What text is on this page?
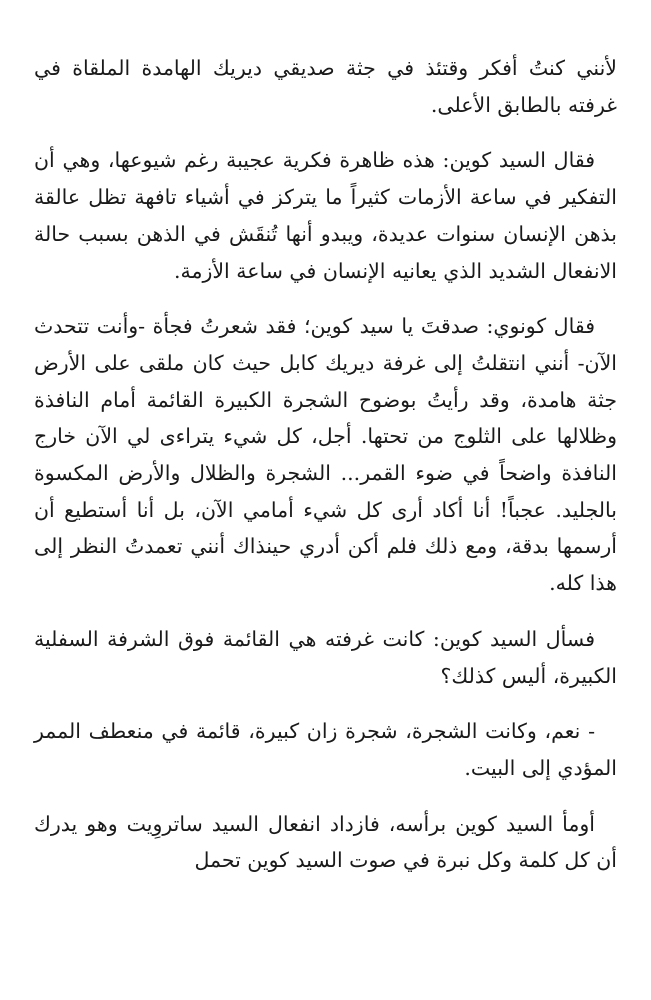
لأنني كنتُ أفكر وقتئذ في جثة صديقي ديريك الهامدة الملقاة في غرفته بالطابق الأعلى.

فقال السيد كوين: هذه ظاهرة فكرية عجيبة رغم شيوعها، وهي أن التفكير في ساعة الأزمات كثيراً ما يتركز في أشياء تافهة تظل عالقة بذهن الإنسان سنوات عديدة، ويبدو أنها تُنقَش في الذهن بسبب حالة الانفعال الشديد الذي يعانيه الإنسان في ساعة الأزمة.

فقال كونوي: صدقتَ يا سيد كوين؛ فقد شعرتُ فجأة -وأنت تتحدث الآن- أنني انتقلتُ إلى غرفة ديريك كابل حيث كان ملقى على الأرض جثة هامدة، وقد رأيتُ بوضوح الشجرة الكبيرة القائمة أمام النافذة وظلالها على الثلوج من تحتها. أجل، كل شيء يتراءى لي الآن خارج النافذة واضحاً في ضوء القمر... الشجرة والظلال والأرض المكسوة بالجليد. عجباً! أنا أكاد أرى كل شيء أمامي الآن، بل أنا أستطيع أن أرسمها بدقة، ومع ذلك فلم أكن أدري حينذاك أنني تعمدتُ النظر إلى هذا كله.

فسأل السيد كوين: كانت غرفته هي القائمة فوق الشرفة السفلية الكبيرة، أليس كذلك؟

- نعم، وكانت الشجرة، شجرة زان كبيرة، قائمة في منعطف الممر المؤدي إلى البيت.

أومأ السيد كوين برأسه، فازداد انفعال السيد ساتروِيت وهو يدرك أن كل كلمة وكل نبرة في صوت السيد كوين تحمل
